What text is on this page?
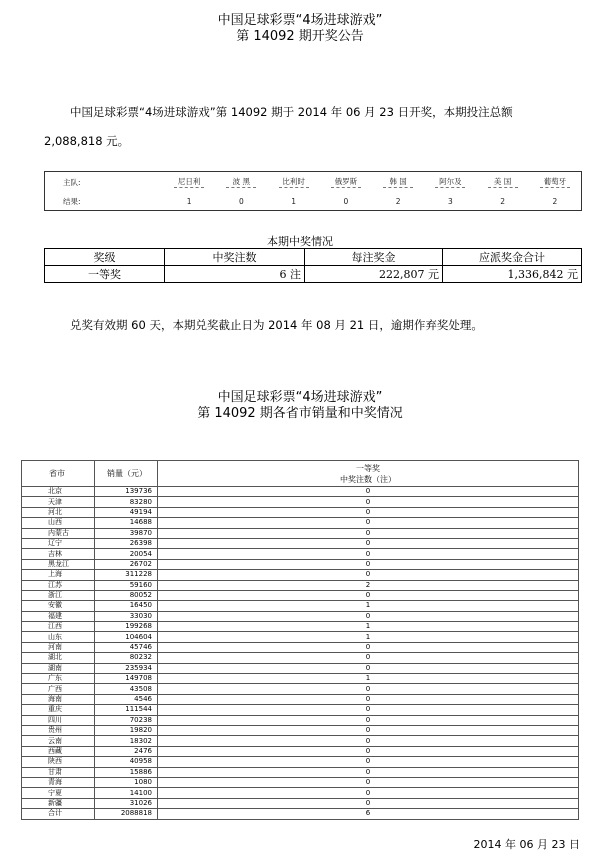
中国足球彩票“4场进球游戏”
第 14092 期开奖公告
中国足球彩票“4场进球游戏”第 14092 期于 2014 年 06 月 23 日开奖，本期投注总额
2,088,818 元。
主队:	尼日利	波 黑	比利时	俄罗斯	韩 国	阿尔及	美 国	葡萄牙

结果:	1	0	1	0	2	3	2	2
本期中奖情况
奖级	中奖注数	每注奖金	应派奖金合计
一等奖	6 注	222,807 元	1,336,842 元
兑奖有效期 60 天，本期兑奖截止日为 2014 年 08 月 21 日，逾期作弃奖处理。
中国足球彩票“4场进球游戏”
第 14092 期各省市销量和中奖情况
省市	销量（元）	一等奖
中奖注数（注）

北京	139736	0
天津	83280	0
河北	49194	0
山西	14688	0
内蒙古	39870	0
辽宁	26398	0
吉林	20054	0
黑龙江	26702	0
上海	311228	0
江苏	59160	2
浙江	80052	0
安徽	16450	1
福建	33030	0
江西	199268	1
山东	104604	1
河南	45746	0
湖北	80232	0
湖南	235934	0
广东	149708	1
广西	43508	0
海南	4546	0
重庆	111544	0
四川	70238	0
贵州	19820	0
云南	18302	0
西藏	2476	0
陕西	40958	0
甘肃	15886	0
青海	1080	0
宁夏	14100	0
新疆	31026	0
合计	2088818	6
2014 年 06 月 23 日
